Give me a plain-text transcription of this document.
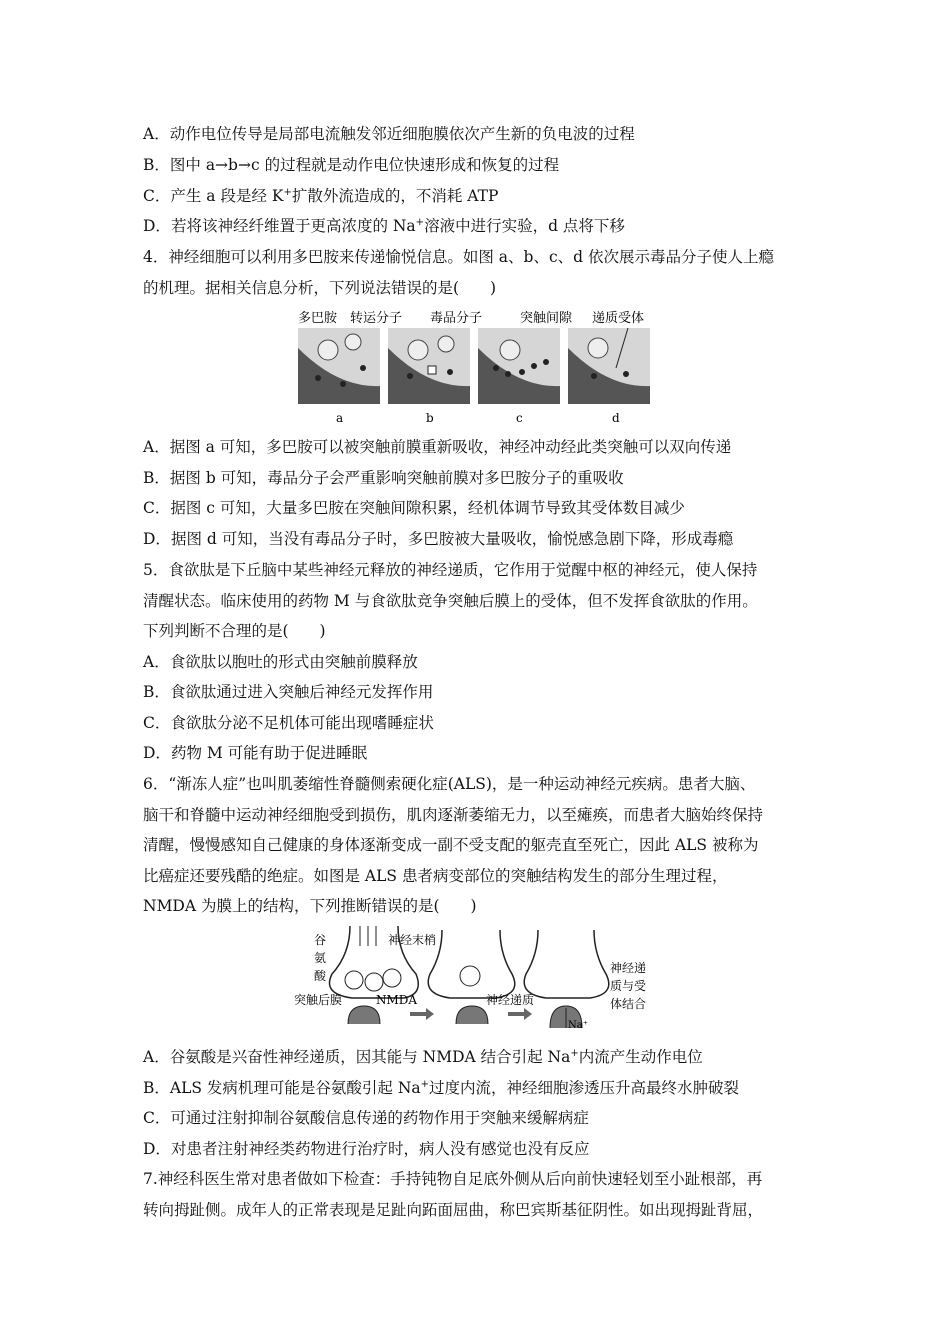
A．动作电位传导是局部电流触发邻近细胞膜依次产生新的负电波的过程
B．图中 a→b→c 的过程就是动作电位快速形成和恢复的过程
C．产生 a 段是经 K+扩散外流造成的，不消耗 ATP
D．若将该神经纤维置于更高浓度的 Na+溶液中进行实验，d 点将下移
4．神经细胞可以利用多巴胺来传递愉悦信息。如图 a、b、c、d 依次展示毒品分子使人上瘾
的机理。据相关信息分析，下列说法错误的是(　　)
多巴胺 转运分子 毒品分子	突触间隙 递质受体
a	b	c	d
A．据图 a 可知，多巴胺可以被突触前膜重新吸收，神经冲动经此类突触可以双向传递
B．据图 b 可知，毒品分子会严重影响突触前膜对多巴胺分子的重吸收
C．据图 c 可知，大量多巴胺在突触间隙积累，经机体调节导致其受体数目减少
D．据图 d 可知，当没有毒品分子时，多巴胺被大量吸收，愉悦感急剧下降，形成毒瘾
5．食欲肽是下丘脑中某些神经元释放的神经递质，它作用于觉醒中枢的神经元，使人保持
清醒状态。临床使用的药物 M 与食欲肽竞争突触后膜上的受体，但不发挥食欲肽的作用。
下列判断不合理的是(　　)
A．食欲肽以胞吐的形式由突触前膜释放
B．食欲肽通过进入突触后神经元发挥作用
C．食欲肽分泌不足机体可能出现嗜睡症状
D．药物 M 可能有助于促进睡眠
6．“渐冻人症”也叫肌萎缩性脊髓侧索硬化症(ALS)，是一种运动神经元疾病。患者大脑、
脑干和脊髓中运动神经细胞受到损伤，肌肉逐渐萎缩无力，以至瘫痪，而患者大脑始终保持
清醒，慢慢感知自己健康的身体逐渐变成一副不受支配的躯壳直至死亡，因此 ALS 被称为
比癌症还要残酷的绝症。如图是 ALS 患者病变部位的突触结构发生的部分生理过程，
NMDA 为膜上的结构，下列推断错误的是(　　)
谷
氨
酸
神经末梢
突触后膜	NMDA	神经递质
Na⁺
神经递
质与受
体结合
A．谷氨酸是兴奋性神经递质，因其能与 NMDA 结合引起 Na+内流产生动作电位
B．ALS 发病机理可能是谷氨酸引起 Na+过度内流，神经细胞渗透压升高最终水肿破裂
C．可通过注射抑制谷氨酸信息传递的药物作用于突触来缓解病症
D．对患者注射神经类药物进行治疗时，病人没有感觉也没有反应
7.神经科医生常对患者做如下检查：手持钝物自足底外侧从后向前快速轻划至小趾根部，再
转向拇趾侧。成年人的正常表现是足趾向跖面屈曲，称巴宾斯基征阴性。如出现拇趾背屈，
